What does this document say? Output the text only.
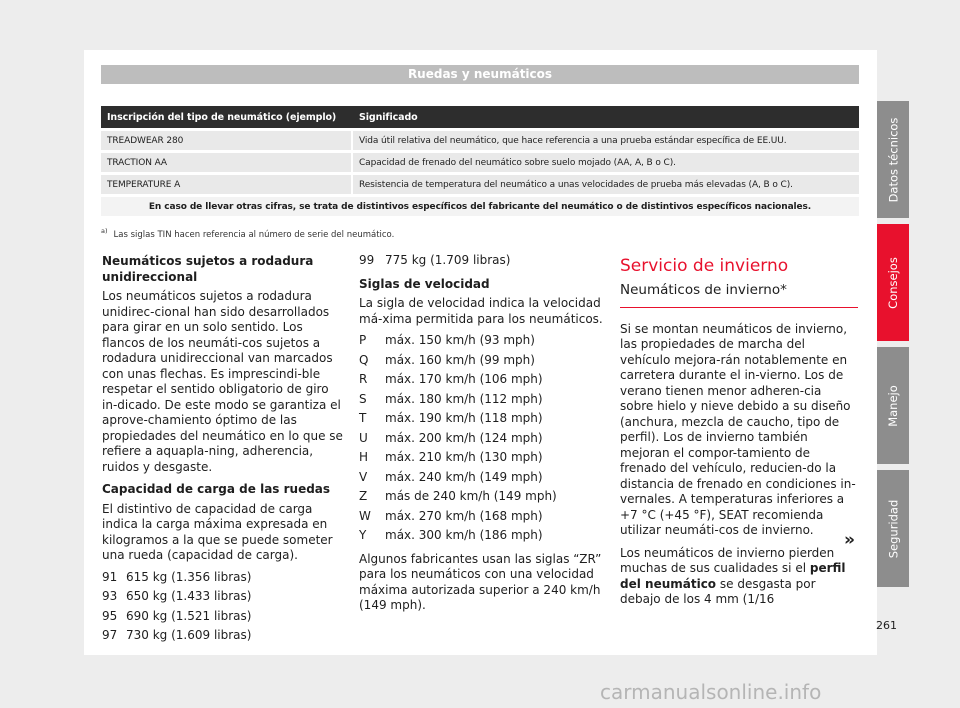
Ruedas y neumáticos
Inscripción del tipo de neumático (ejemplo)	Significado
TREADWEAR 280	Vida útil relativa del neumático, que hace referencia a una prueba estándar específica de EE.UU.
TRACTION AA	Capacidad de frenado del neumático sobre suelo mojado (AA, A, B o C).
TEMPERATURE A	Resistencia de temperatura del neumático a unas velocidades de prueba más elevadas (A, B o C).
En caso de llevar otras cifras, se trata de distintivos específicos del fabricante del neumático o de distintivos específicos nacionales.	
$^{a)}$ Las siglas TIN hacen referencia al número de serie del neumático.
Neumáticos sujetos a rodadura unidireccional

Los neumáticos sujetos a rodadura unidirec-cional han sido desarrollados para girar en un solo sentido. Los flancos de los neumáti-cos sujetos a rodadura unidireccional van marcados con unas flechas. Es imprescindi-ble respetar el sentido obligatorio de giro in-dicado. De este modo se garantiza el aprove-chamiento óptimo de las propiedades del neumático en lo que se refiere a aquapla-ning, adherencia, ruidos y desgaste.

Capacidad de carga de las ruedas

El distintivo de capacidad de carga indica la carga máxima expresada en kilogramos a la que se puede someter una rueda (capacidad de carga).

91 615 kg (1.356 libras)
93 650 kg (1.433 libras)
95 690 kg (1.521 libras)
97 730 kg (1.609 libras)
99 775 kg (1.709 libras)
Siglas de velocidad

La sigla de velocidad indica la velocidad má-xima permitida para los neumáticos.

P	máx. 150 km/h (93 mph)
Q	máx. 160 km/h (99 mph)
R	máx. 170 km/h (106 mph)
S	máx. 180 km/h (112 mph)
T	máx. 190 km/h (118 mph)
U	máx. 200 km/h (124 mph)
H	máx. 210 km/h (130 mph)
V	máx. 240 km/h (149 mph)
Z	más de 240 km/h (149 mph)
W	máx. 270 km/h (168 mph)
Y	máx. 300 km/h (186 mph)

Algunos fabricantes usan las siglas “ZR” para los neumáticos con una velocidad máxima autorizada superior a 240 km/h (149 mph).

Servicio de invierno
Neumáticos de invierno*

Si se montan neumáticos de invierno, las propiedades de marcha del vehículo mejora-rán notablemente en carretera durante el in-vierno. Los de verano tienen menor adheren-cia sobre hielo y nieve debido a su diseño (anchura, mezcla de caucho, tipo de perfil). Los de invierno también mejoran el compor-tamiento de frenado del vehículo, reducien-do la distancia de frenado en condiciones in-vernales. A temperaturas inferiores a +7 °C (+45 °F), SEAT recomienda utilizar neumáti-cos de invierno.

Los neumáticos de invierno pierden muchas de sus cualidades si el perfil del neumático se desgasta por debajo de los 4 mm (1/16

»
Datos técnicos
Consejos
Manejo
Seguridad
261
carmanualsonline.info
